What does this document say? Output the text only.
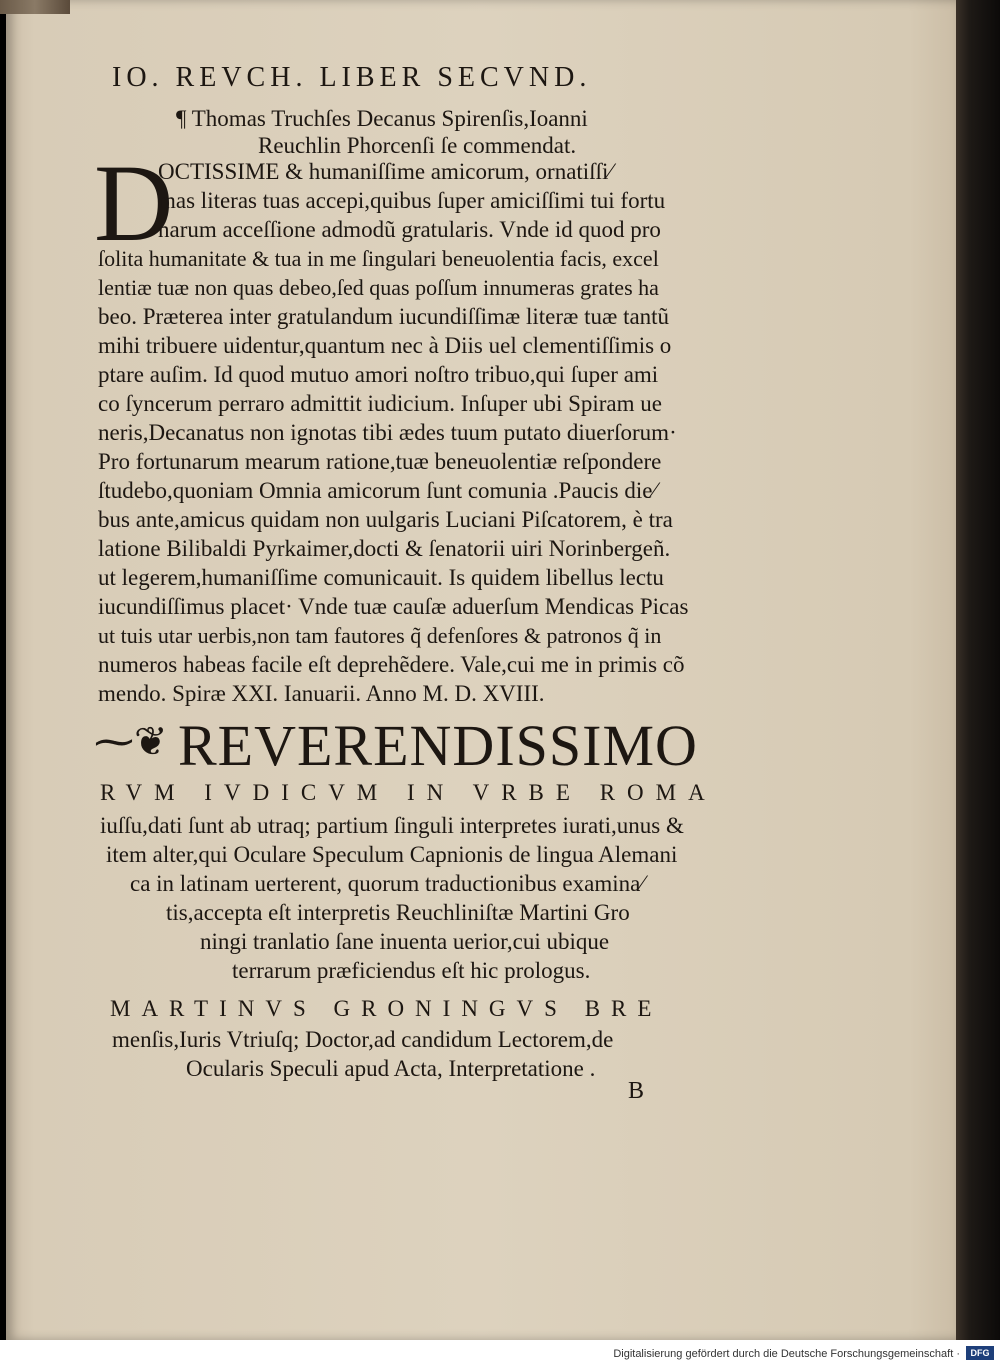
IO. REVCH. LIBER SECVND.
¶ Thomas Truchſes Decanus Spirenſis,Ioanni
Reuchlin Phorcenſi ſe commendat.
D
OCTISSIME & humaniſſime amicorum, ornatiſſi⁄
mas literas tuas accepi,quibus ſuper amiciſſimi tui fortu
narum acceſſione admodũ gratularis. Vnde id quod pro
ſolita humanitate & tua in me ſingulari beneuolentia facis, excel
lentiæ tuæ non quas debeo,ſed quas poſſum innumeras grates ha
beo. Præterea inter gratulandum iucundiſſimæ literæ tuæ tantũ
mihi tribuere uidentur,quantum nec à Diis uel clementiſſimis o
ptare auſim. Id quod mutuo amori noſtro tribuo,qui ſuper ami
co ſyncerum perraro admittit iudicium. Inſuper ubi Spiram ue
neris,Decanatus non ignotas tibi ædes tuum putato diuerſorum·
Pro fortunarum mearum ratione,tuæ beneuolentiæ reſpondere
ſtudebo,quoniam Omnia amicorum ſunt comunia .Paucis die⁄
bus ante,amicus quidam non uulgaris Luciani Piſcatorem, è tra
latione Bilibaldi Pyrkaimer,docti & ſenatorii uiri Norinbergeñ.
ut legerem,humaniſſime comunicauit. Is quidem libellus lectu
iucundiſſimus placet· Vnde tuæ cauſæ aduerſum Mendicas Picas
ut tuis utar uerbis,non tam fautores q̃ defenſores & patronos q̃ in
numeros habeas facile eſt deprehẽdere. Vale,cui me in primis cõ
mendo. Spiræ XXI. Ianuarii. Anno M. D. XVIII.
⁓❦ REVERENDISSIMO
RVM IVDICVM IN VRBE ROMA
iuſſu,dati ſunt ab utraq; partium ſinguli interpretes iurati,unus &
item alter,qui Oculare Speculum Capnionis de lingua Alemani
ca in latinam uerterent, quorum traductionibus examina⁄
tis,accepta eſt interpretis Reuchliniſtæ Martini Gro
ningi tranlatio ſane inuenta uerior,cui ubique
terrarum præficiendus eſt hic prologus.
MARTINVS GRONINGVS BRE
menſis,Iuris Vtriuſq; Doctor,ad candidum Lectorem,de
Ocularis Speculi apud Acta, Interpretatione .
B
Digitalisierung gefördert durch die Deutsche Forschungsgemeinschaft ·	DFG
